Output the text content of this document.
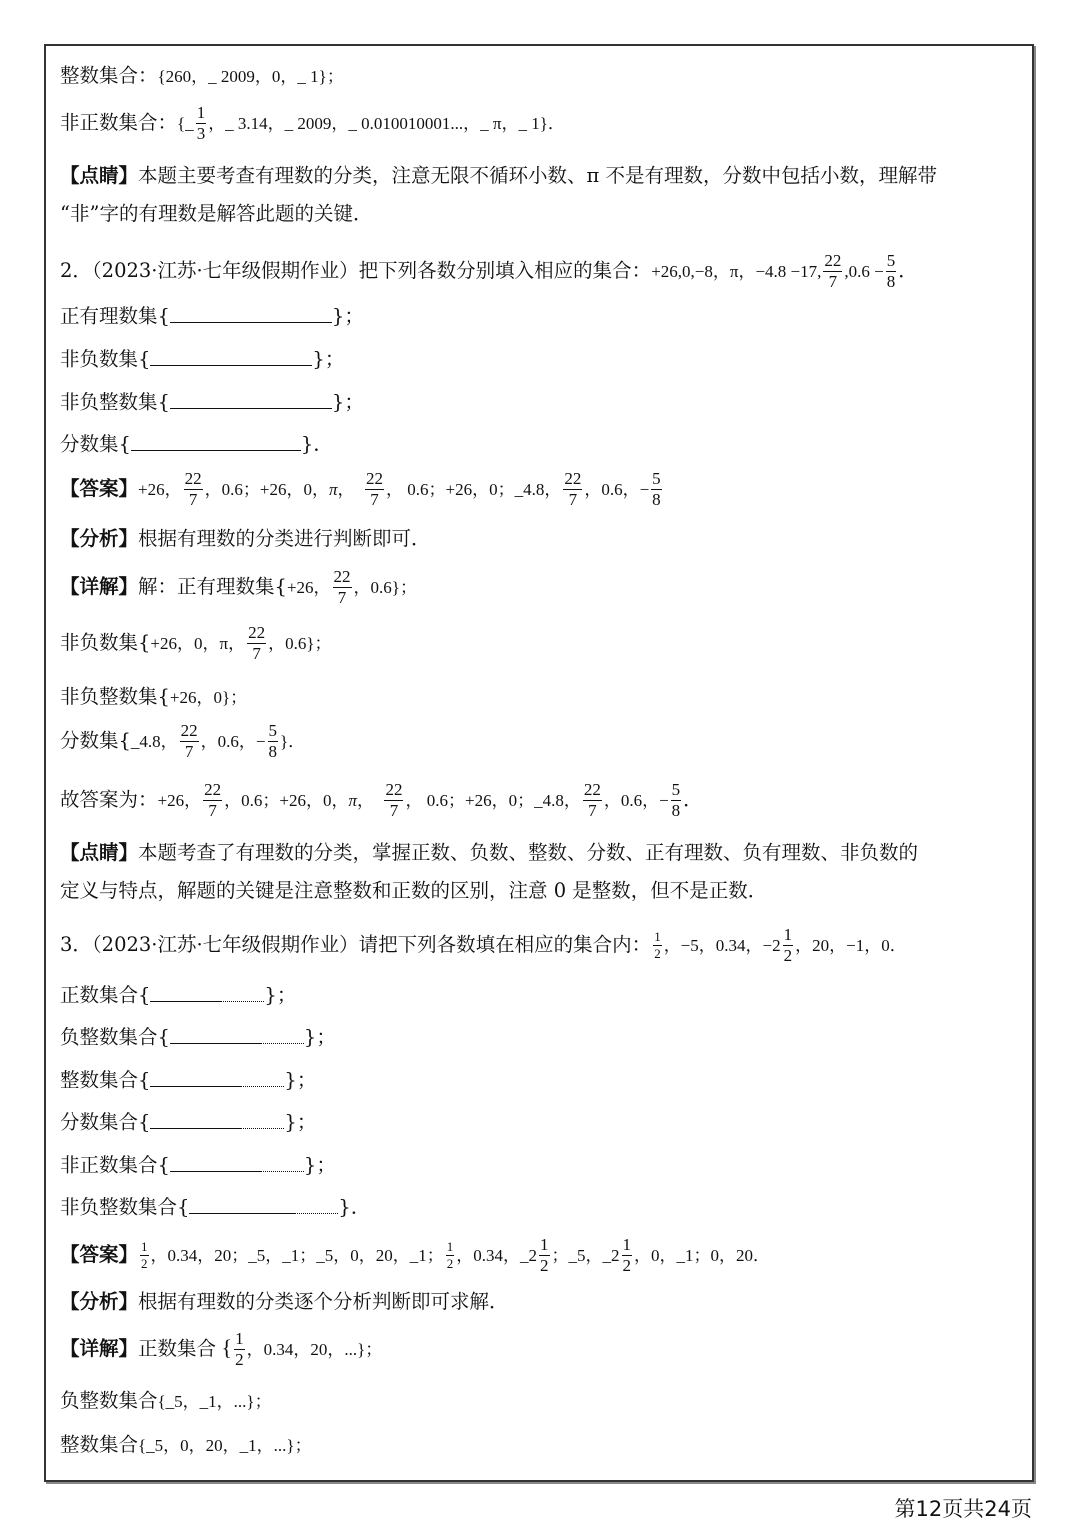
整数集合：{260，_ 2009，0，_ 1}；
非正数集合：{_ $\frac{1}{3}$ ，_ 3.14，_ 2009，_ 0.010010001...，_ π，_ 1}．
【点睛】本题主要考查有理数的分类，注意无限不循环小数、π 不是有理数，分数中包括小数，理解带
“非”字的有理数是解答此题的关键．
2．（2023·江苏·七年级假期作业）把下列各数分别填入相应的集合：+26,0,−8，π，−4.8 −17, $\frac{22}{7} ,0.6 - \frac{5}{8}$ ．
正有理数集{	}；
非负数集{	}；
非负整数集{	}；
分数集{	}．
【答案】+26， $\frac{22}{7}$ ，0.6；+26，0，π， $\frac{22}{7}$ ， 0.6；+26，0；_4.8， $\frac{22}{7}$ ，0.6，− $\frac{5}{8}$
【分析】根据有理数的分类进行判断即可．
【详解】解：正有理数集{+26， $\frac{22}{7}$ ，0.6}；
非负数集{+26，0，π， $\frac{22}{7}$ ，0.6}；
非负整数集{+26，0}；
分数集{_4.8， $\frac{22}{7}$ ，0.6，− $\frac{5}{8}$ }．
故答案为：+26， $\frac{22}{7}$ ，0.6；+26，0，π， $\frac{22}{7}$ ， 0.6；+26，0；_4.8， $\frac{22}{7}$ ，0.6，− $\frac{5}{8}$ ．
【点睛】本题考查了有理数的分类，掌握正数、负数、整数、分数、正有理数、负有理数、非负数的
定义与特点，解题的关键是注意整数和正数的区别，注意 0 是整数，但不是正数．
3．（2023·江苏·七年级假期作业）请把下列各数填在相应的集合内： $\frac{1}{2}$ ，−5，0.34，$-2 \frac{1}{2}$ ，20，−1，0．
正数集合{	}；
负整数集合{	}；
整数集合{	}；
分数集合{	}；
非正数集合{	}；
非负整数集合{	}．
【答案】 $\frac{1}{2}$ ，0.34，20；_5，_1；_5，0，20，_1； $\frac{1}{2}$ ，0.34，_2 $\frac{1}{2}$ ；_5，_2 $\frac{1}{2}$ ，0，_1；0，20．
【分析】根据有理数的分类逐个分析判断即可求解．
【详解】正数集合 { $\frac{1}{2}$ ，0.34，20，...}；
负整数集合{_5，_1，...}；
整数集合{_5，0，20，_1，...}；
第12页共24页
